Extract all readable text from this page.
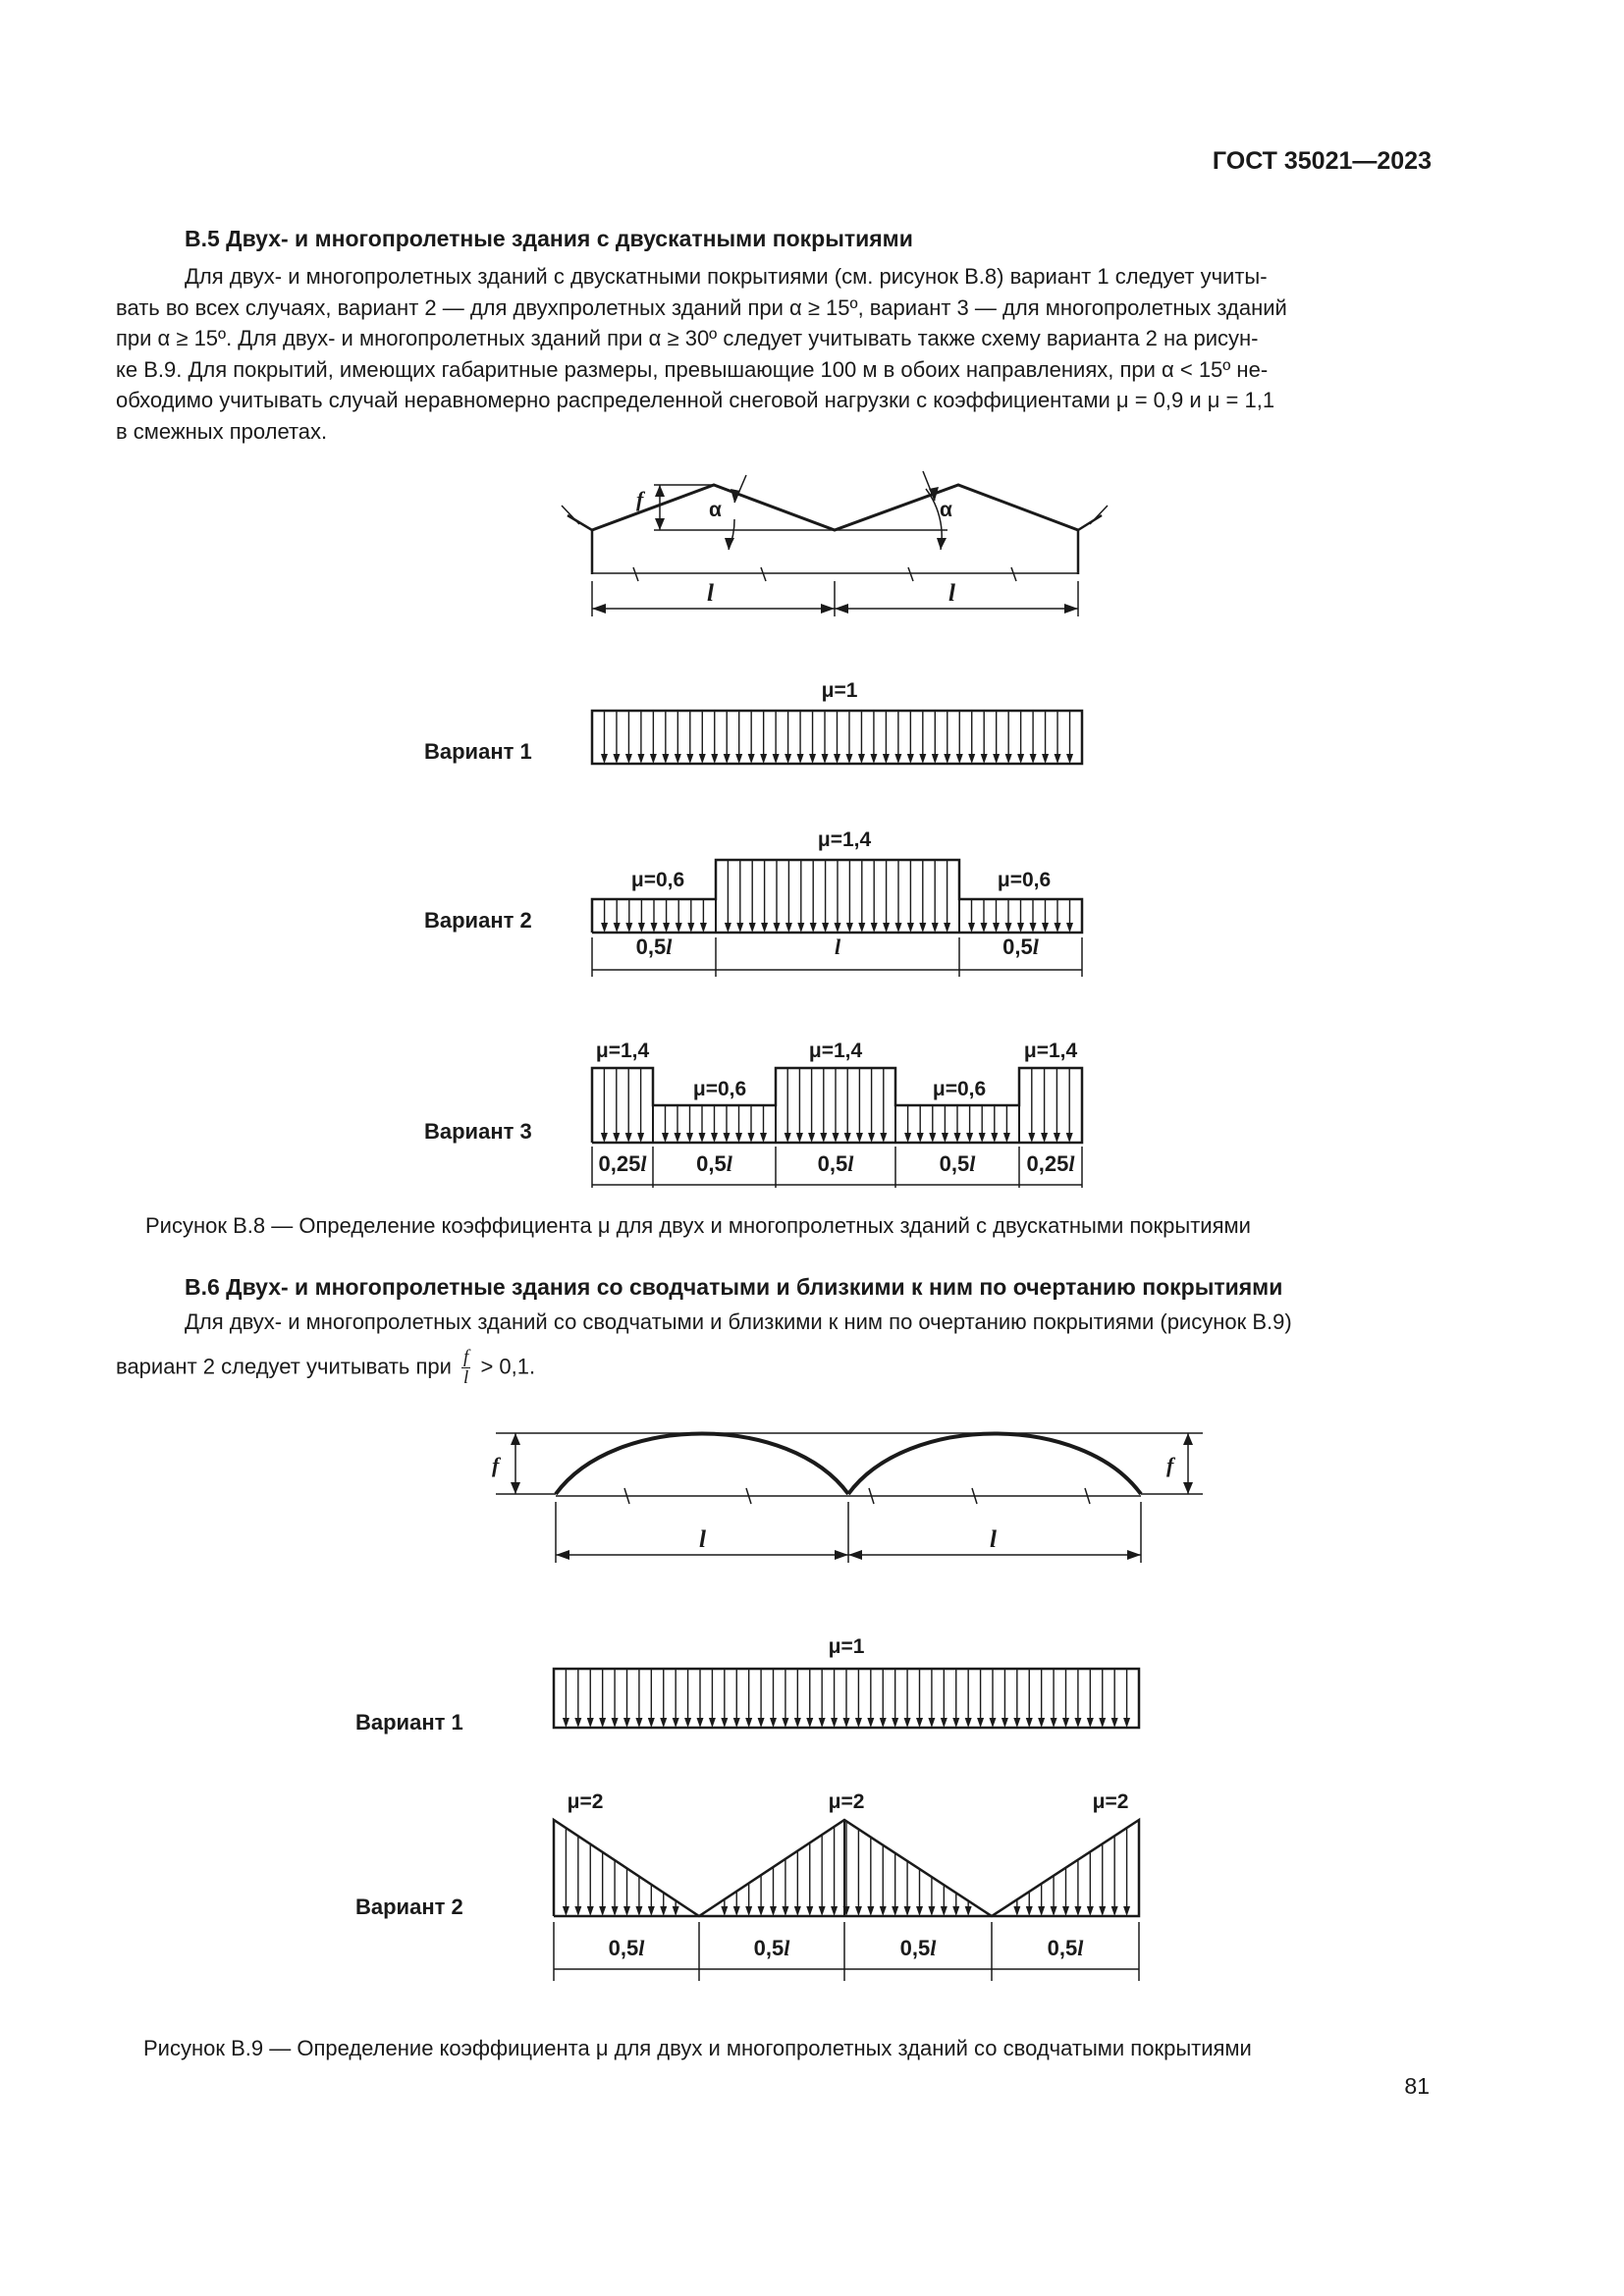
ГОСТ 35021—2023
В.5 Двух- и многопролетные здания с двускатными покрытиями
Для двух- и многопролетных зданий с двускатными покрытиями (см. рисунок В.8) вариант 1 следует учиты-
вать во всех случаях, вариант 2 — для двухпролетных зданий при α ≥ 15º, вариант 3 — для многопролетных зданий
при α ≥ 15º. Для двух- и многопролетных зданий при α ≥ 30º следует учитывать также схему варианта 2 на рисун-
ке В.9. Для покрытий, имеющих габаритные размеры, превышающие 100 м в обоих направлениях, при α < 15º не-
обходимо учитывать случай неравномерно распределенной снеговой нагрузки с коэффициентами μ = 0,9 и μ = 1,1
в смежных пролетах.
f	α	α
l	l
Вариант 1
μ=1
Вариант 2
μ=0,6
μ=1,4
μ=0,6
0,5l	l	0,5l
Вариант 3
μ=1,4
μ=0,6
μ=1,4
μ=0,6
μ=1,4
0,25l 0,5l	0,5l	0,5l 0,25l
Рисунок В.8 — Определение коэффициента μ для двух и многопролетных зданий с двускатными покрытиями
В.6 Двух- и многопролетные здания со сводчатыми и близкими к ним по очертанию покрытиями
Для двух- и многопролетных зданий со сводчатыми и близкими к ним по очертанию покрытиями (рисунок В.9)
вариант 2 следует учитывать при $\frac{f}{l} > 0,1$.
f	f
l	l
Вариант 1
μ=1
Вариант 2
μ=2	μ=2	μ=2
0,5l	0,5l	0,5l	0,5l
Рисунок В.9 — Определение коэффициента μ для двух и многопролетных зданий со сводчатыми покрытиями
81
